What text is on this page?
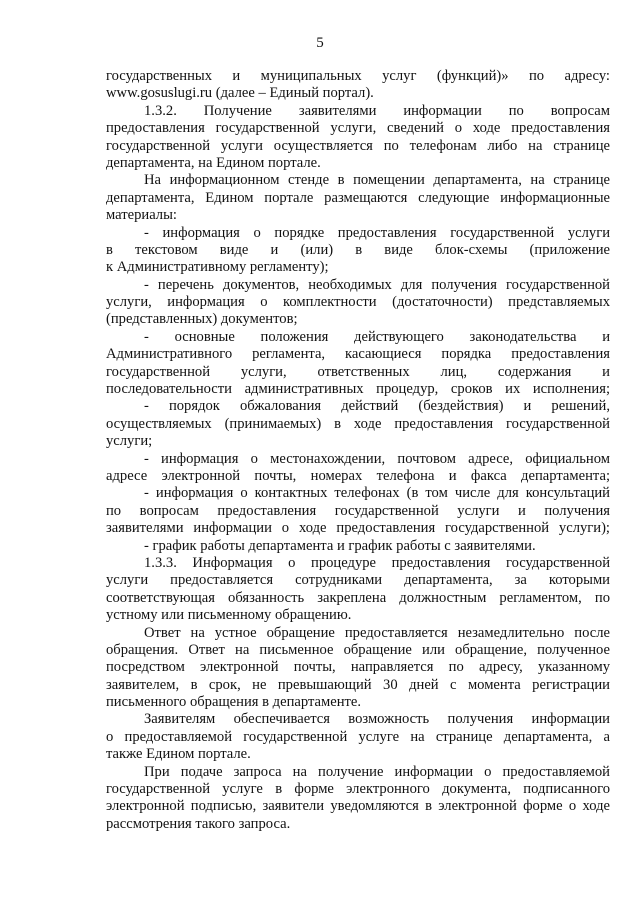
5
государственных и муниципальных услуг (функций)» по адресу:
www.gosuslugi.ru (далее – Единый портал).
1.3.2. Получение заявителями информации по вопросам
предоставления государственной услуги, сведений о ходе предоставления
государственной услуги осуществляется по телефонам либо на странице
департамента, на Едином портале.
На информационном стенде в помещении департамента, на странице
департамента, Едином портале размещаются следующие информационные
материалы:
- информация о порядке предоставления государственной услуги
в текстовом виде и (или) в виде блок-схемы (приложение
к Административному регламенту);
- перечень документов, необходимых для получения государственной
услуги, информация о комплектности (достаточности) представляемых
(представленных) документов;
- основные положения действующего законодательства и
Административного регламента, касающиеся порядка предоставления
государственной услуги, ответственных лиц, содержания и
последовательности административных процедур, сроков их исполнения;
- порядок обжалования действий (бездействия) и решений,
осуществляемых (принимаемых) в ходе предоставления государственной
услуги;
- информация о местонахождении, почтовом адресе, официальном
адресе электронной почты, номерах телефона и факса департамента;
- информация о контактных телефонах (в том числе для консультаций
по вопросам предоставления государственной услуги и получения
заявителями информации о ходе предоставления государственной услуги);
- график работы департамента и график работы с заявителями.
1.3.3. Информация о процедуре предоставления государственной
услуги предоставляется сотрудниками департамента, за которыми
соответствующая обязанность закреплена должностным регламентом, по
устному или письменному обращению.
Ответ на устное обращение предоставляется незамедлительно после
обращения. Ответ на письменное обращение или обращение, полученное
посредством электронной почты, направляется по адресу, указанному
заявителем, в срок, не превышающий 30 дней с момента регистрации
письменного обращения в департаменте.
Заявителям обеспечивается возможность получения информации
о предоставляемой государственной услуге на странице департамента, а
также Едином портале.
При подаче запроса на получение информации о предоставляемой
государственной услуге в форме электронного документа, подписанного
электронной подписью, заявители уведомляются в электронной форме о ходе
рассмотрения такого запроса.
